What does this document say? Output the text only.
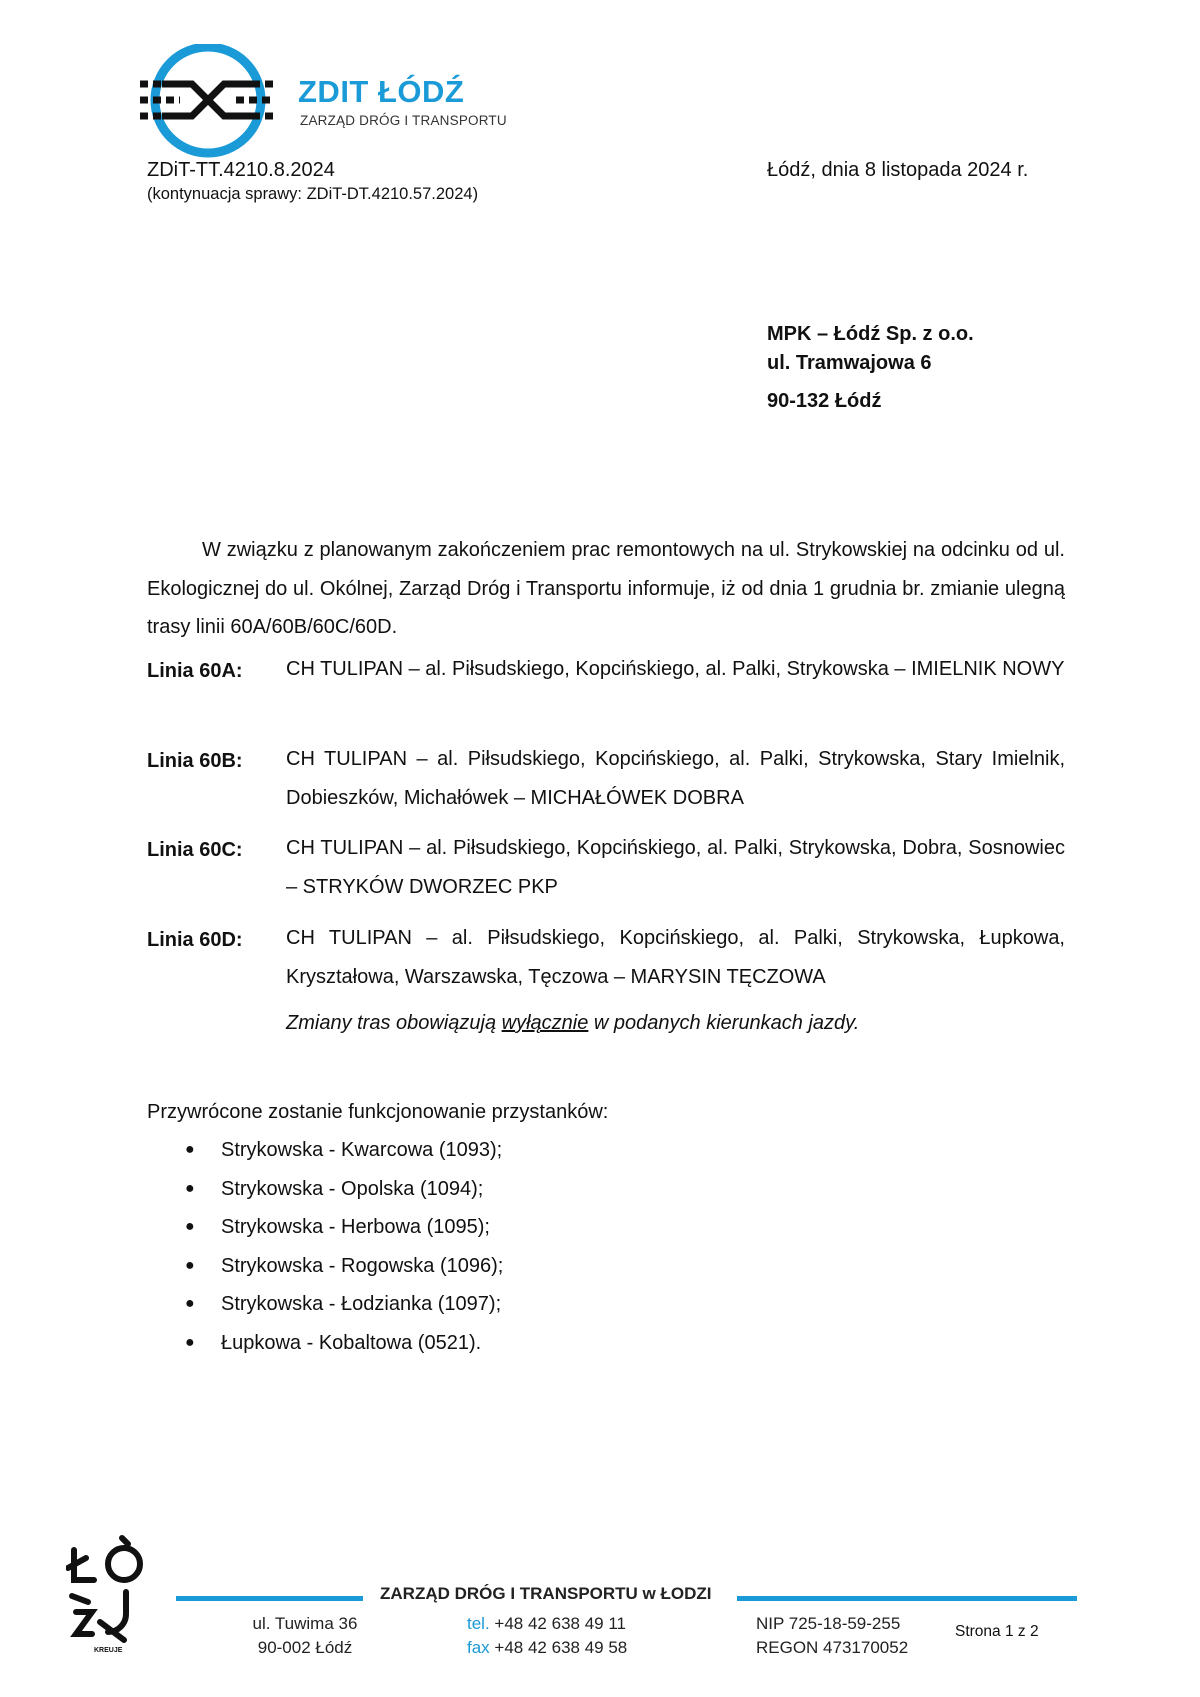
ZDIT ŁÓDŹ
ZARZĄD DRÓG I TRANSPORTU
ZDiT-TT.4210.8.2024
(kontynuacja sprawy: ZDiT-DT.4210.57.2024)
Łódź, dnia 8 listopada 2024 r.
MPK – Łódź Sp. z o.o.
ul. Tramwajowa 6
90-132 Łódź

W związku z planowanym zakończeniem prac remontowych na ul. Strykowskiej na odcinku od ul. Ekologicznej do ul. Okólnej, Zarząd Dróg i Transportu informuje, iż od dnia 1 grudnia br. zmianie ulegną trasy linii 60A/60B/60C/60D.

Linia 60A: CH TULIPAN – al. Piłsudskiego, Kopcińskiego, al. Palki, Strykowska – IMIELNIK NOWY

Linia 60B: CH TULIPAN – al. Piłsudskiego, Kopcińskiego, al. Palki, Strykowska, Stary Imielnik, Dobieszków, Michałówek – MICHAŁÓWEK DOBRA

Linia 60C: CH TULIPAN – al. Piłsudskiego, Kopcińskiego, al. Palki, Strykowska, Dobra, Sosnowiec – STRYKÓW DWORZEC PKP

Linia 60D: CH TULIPAN – al. Piłsudskiego, Kopcińskiego, al. Palki, Strykowska, Łupkowa, Kryształowa, Warszawska, Tęczowa – MARYSIN TĘCZOWA

Zmiany tras obowiązują wyłącznie w podanych kierunkach jazdy.
Przywrócone zostanie funkcjonowanie przystanków:
● Strykowska - Kwarcowa (1093);
● Strykowska - Opolska (1094);
● Strykowska - Herbowa (1095);
● Strykowska - Rogowska (1096);
● Strykowska - Łodzianka (1097);
● Łupkowa - Kobaltowa (0521).
KREUJE
ZARZĄD DRÓG I TRANSPORTU w ŁODZI
ul. Tuwima 36
90-002 Łódź
tel. +48 42 638 49 11
fax +48 42 638 49 58
NIP 725-18-59-255
REGON 473170052
Strona 1 z 2
